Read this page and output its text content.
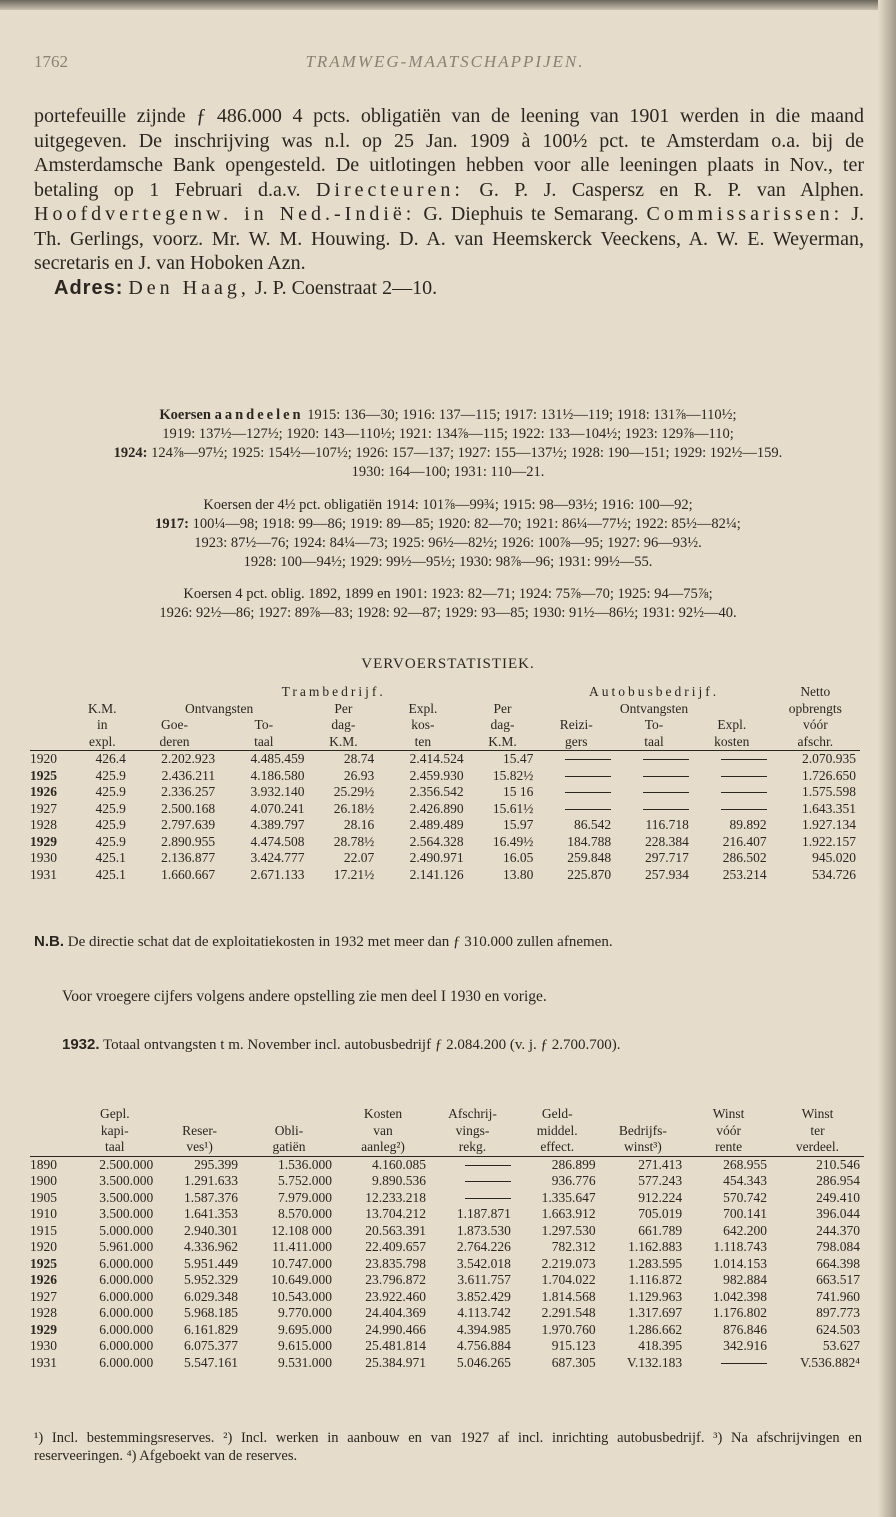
1762	TRAMWEG-MAATSCHAPPIJEN.

portefeuille zijnde ƒ 486.000 4 pcts. obligatiën van de leening van 1901 werden in die maand uitgegeven. De inschrijving was n.l. op 25 Jan. 1909 à 100½ pct. te Amsterdam o.a. bij de Amsterdamsche Bank opengesteld. De uitlotingen hebben voor alle leeningen plaats in Nov., ter betaling op 1 Februari d.a.v. Directeuren: G. P. J. Caspersz en R. P. van Alphen. Hoofdvertegenw. in Ned.-Indië: G. Diephuis te Semarang. Commissarissen: J. Th. Gerlings, voorz. Mr. W. M. Houwing. D. A. van Heemskerck Veeckens, A. W. E. Weyerman, secretaris en J. van Hoboken Azn.

Adres: Den Haag, J. P. Coenstraat 2—10.

Koersen aandeelen 1915: 136—30; 1916: 137—115; 1917: 131½—119; 1918: 131⅞—110½;

1919: 137½—127½; 1920: 143—110½; 1921: 134⅞—115; 1922: 133—104½; 1923: 129⅞—110;

1924: 124⅞—97½; 1925: 154½—107½; 1926: 157—137; 1927: 155—137½; 1928: 190—151; 1929: 192½—159.

1930: 164—100; 1931: 110—21.

Koersen der 4½ pct. obligatiën 1914: 101⅞—99¾; 1915: 98—93½; 1916: 100—92;

1917: 100¼—98; 1918: 99—86; 1919: 89—85; 1920: 82—70; 1921: 86¼—77½; 1922: 85½—82¼;

1923: 87½—76; 1924: 84¼—73; 1925: 96½—82½; 1926: 100⅞—95; 1927: 96—93½.

1928: 100—94½; 1929: 99½—95½; 1930: 98⅞—96; 1931: 99½—55.

Koersen 4 pct. oblig. 1892, 1899 en 1901: 1923: 82—71; 1924: 75⅞—70; 1925: 94—75⅞;

1926: 92½—86; 1927: 89⅞—83; 1928: 92—87; 1929: 93—85; 1930: 91½—86½; 1931: 92½—40.

VERVOERSTATISTIEK.
		Trambedrijf.					Autobusbedrijf.			Netto
	K.M.	Ontvangsten		Per	Expl.	Per	Ontvangsten			opbrengts
	in	Goe-	To-	dag-	kos-	dag-	Reizi-	To-	Expl.	vóór
	expl.	deren	taal	K.M.	ten	K.M.	gers	taal	kosten	afschr.
1920	426.4	2.202.923	4.485.459	28.74	2.414.524	15.47				2.070.935
1925	425.9	2.436.211	4.186.580	26.93	2.459.930	15.82½				1.726.650
1926	425.9	2.336.257	3.932.140	25.29½	2.356.542	15 16				1.575.598
1927	425.9	2.500.168	4.070.241	26.18½	2.426.890	15.61½				1.643.351
1928	425.9	2.797.639	4.389.797	28.16	2.489.489	15.97	86.542	116.718	89.892	1.927.134
1929	425.9	2.890.955	4.474.508	28.78½	2.564.328	16.49½	184.788	228.384	216.407	1.922.157
1930	425.1	2.136.877	3.424.777	22.07	2.490.971	16.05	259.848	297.717	286.502	945.020
1931	425.1	1.660.667	2.671.133	17.21½	2.141.126	13.80	225.870	257.934	253.214	534.726

N.B. De directie schat dat de exploitatiekosten in 1932 met meer dan ƒ 310.000 zullen afnemen.

Voor vroegere cijfers volgens andere opstelling zie men deel I 1930 en vorige.

1932. Totaal ontvangsten t m. November incl. autobusbedrijf ƒ 2.084.200 (v. j. ƒ 2.700.700).

	Gepl.			Kosten	Afschrij-	Geld-		Winst	Winst
	kapi-	Reser-	Obli-	van	vings-	middel.	Bedrijfs-	vóór	ter
	taal	ves¹)	gatiën	aanleg²)	rekg.	effect.	winst³)	rente	verdeel.
1890	2.500.000	295.399	1.536.000	4.160.085		286.899	271.413	268.955	210.546
1900	3.500.000	1.291.633	5.752.000	9.890.536		936.776	577.243	454.343	286.954
1905	3.500.000	1.587.376	7.979.000	12.233.218		1.335.647	912.224	570.742	249.410
1910	3.500.000	1.641.353	8.570.000	13.704.212	1.187.871	1.663.912	705.019	700.141	396.044
1915	5.000.000	2.940.301	12.108 000	20.563.391	1.873.530	1.297.530	661.789	642.200	244.370
1920	5.961.000	4.336.962	11.411.000	22.409.657	2.764.226	782.312	1.162.883	1.118.743	798.084
1925	6.000.000	5.951.449	10.747.000	23.835.798	3.542.018	2.219.073	1.283.595	1.014.153	664.398
1926	6.000.000	5.952.329	10.649.000	23.796.872	3.611.757	1.704.022	1.116.872	982.884	663.517
1927	6.000.000	6.029.348	10.543.000	23.922.460	3.852.429	1.814.568	1.129.963	1.042.398	741.960
1928	6.000.000	5.968.185	9.770.000	24.404.369	4.113.742	2.291.548	1.317.697	1.176.802	897.773
1929	6.000.000	6.161.829	9.695.000	24.990.466	4.394.985	1.970.760	1.286.662	876.846	624.503
1930	6.000.000	6.075.377	9.615.000	25.481.814	4.756.884	915.123	418.395	342.916	53.627
1931	6.000.000	5.547.161	9.531.000	25.384.971	5.046.265	687.305	V.132.183		V.536.882⁴

¹) Incl. bestemmingsreserves. ²) Incl. werken in aanbouw en van 1927 af incl. inrichting autobusbedrijf. ³) Na afschrijvingen en reserveeringen. ⁴) Afgeboekt van de reserves.
